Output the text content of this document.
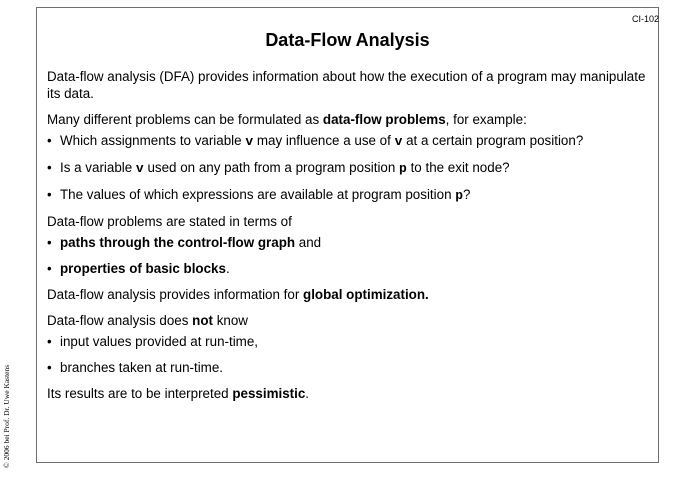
CI-102
Data-Flow Analysis
© 2006 bei Prof. Dr. Uwe Kastens

Data-flow analysis (DFA) provides information about how the execution of a program may manipulate its data.

Many different problems can be formulated as data-flow problems, for example:

• Which assignments to variable v may influence a use of v at a certain program position?

• Is a variable v used on any path from a program position p to the exit node?

• The values of which expressions are available at program position p?

Data-flow problems are stated in terms of

• paths through the control-flow graph and

• properties of basic blocks.

Data-flow analysis provides information for global optimization.

Data-flow analysis does not know

• input values provided at run-time,

• branches taken at run-time.

Its results are to be interpreted pessimistic.
